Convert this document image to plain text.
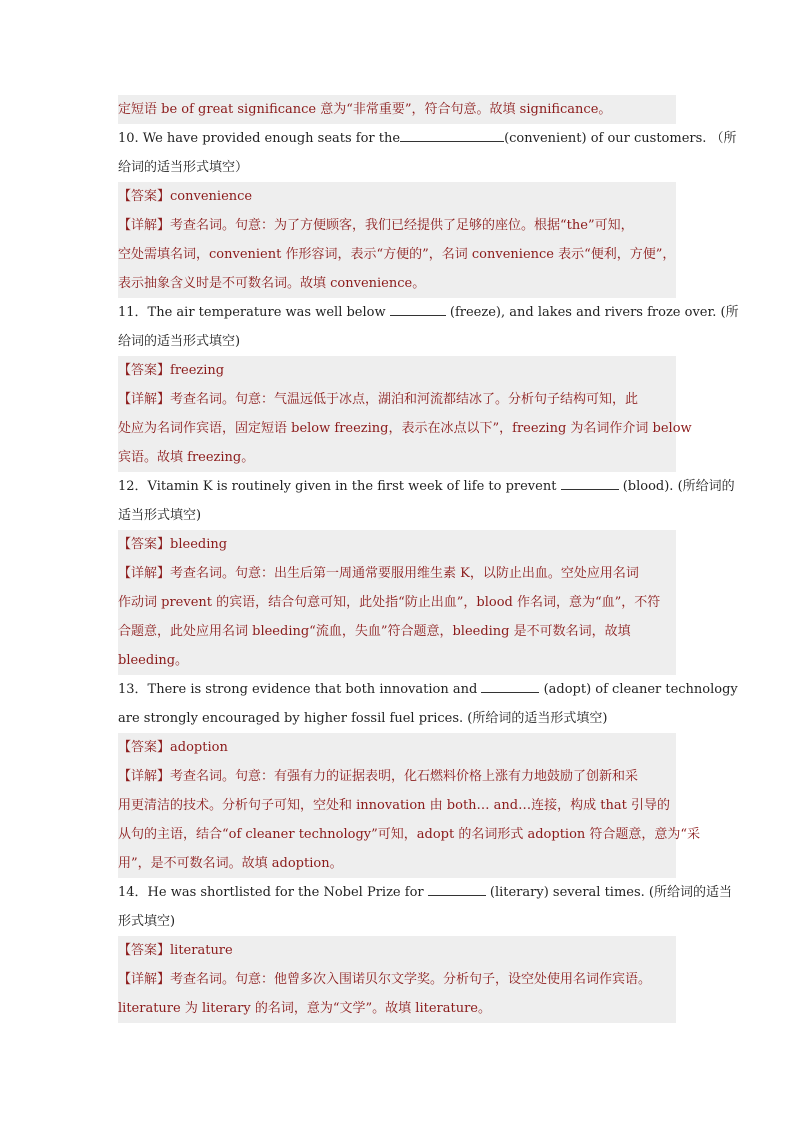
定短语 be of great significance 意为“非常重要”，符合句意。故填 significance。
10. We have provided enough seats for the	(convenient) of our customers. （所
给词的适当形式填空）
【答案】convenience
【详解】考查名词。句意：为了方便顾客，我们已经提供了足够的座位。根据“the”可知，
空处需填名词，convenient 作形容词，表示“方便的”，名词 convenience 表示“便利，方便”，
表示抽象含义时是不可数名词。故填 convenience。
11．The air temperature was well below	(freeze), and lakes and rivers froze over. (所
给词的适当形式填空)
【答案】freezing
【详解】考查名词。句意：气温远低于冰点，湖泊和河流都结冰了。分析句子结构可知，此
处应为名词作宾语，固定短语 below freezing，表示在冰点以下”，freezing 为名词作介词 below
宾语。故填 freezing。
12．Vitamin K is routinely given in the first week of life to prevent	(blood). (所给词的
适当形式填空)
【答案】bleeding
【详解】考查名词。句意：出生后第一周通常要服用维生素 K，以防止出血。空处应用名词
作动词 prevent 的宾语，结合句意可知，此处指“防止出血”，blood 作名词，意为“血”，不符
合题意，此处应用名词 bleeding“流血，失血”符合题意，bleeding 是不可数名词，故填
bleeding。
13．There is strong evidence that both innovation and	(adopt) of cleaner technology
are strongly encouraged by higher fossil fuel prices. (所给词的适当形式填空)
【答案】adoption
【详解】考查名词。句意：有强有力的证据表明，化石燃料价格上涨有力地鼓励了创新和采
用更清洁的技术。分析句子可知，空处和 innovation 由 both… and…连接，构成 that 引导的
从句的主语，结合“of cleaner technology”可知，adopt 的名词形式 adoption 符合题意，意为“采
用”，是不可数名词。故填 adoption。
14．He was shortlisted for the Nobel Prize for	(literary) several times. (所给词的适当
形式填空)
【答案】literature
【详解】考查名词。句意：他曾多次入围诺贝尔文学奖。分析句子，设空处使用名词作宾语。
literature 为 literary 的名词，意为“文学”。故填 literature。
